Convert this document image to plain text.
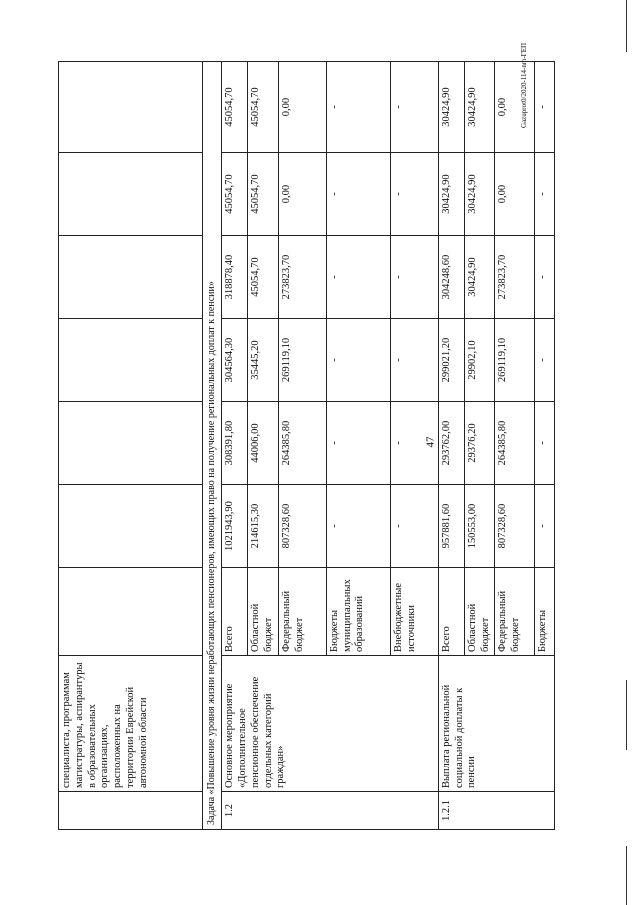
47
Gazuprot0/2020-114-nm-ГЕП
	специалиста, программам магистратуры, аспирантуры в образовательных организациях, расположенных на территории Еврейской автономной области							
Задача «Повышение уровня жизни неработающих пенсионеров, имеющих право на получение региональных доплат к пенсии»								
1.2	Основное мероприятие «Дополнительное пенсионное обеспечение отдельных категорий граждан»	Всего	1021943,90	308391,80	304564,30	318878,40	45054,70	45054,70
		Областной бюджет	214615,30	44006,00	35445,20	45054,70	45054,70	45054,70
		Федеральный бюджет	807328,60	264385,80	269119,10	273823,70	0,00	0,00
		Бюджеты муниципальных образований	-	-	-	-	-	-
		Внебюджетные источники	-	-	-	-	-	-
1.2.1	Выплата региональной социальной доплаты к пенсии	Всего	957881,60	293762,00	299021,20	304248,60	30424,90	30424,90
		Областной бюджет	150553,00	29376,20	29902,10	30424,90	30424,90	30424,90
		Федеральный бюджет	807328,60	264385,80	269119,10	273823,70	0,00	0,00
		Бюджеты	-	-	-	-	-	-
